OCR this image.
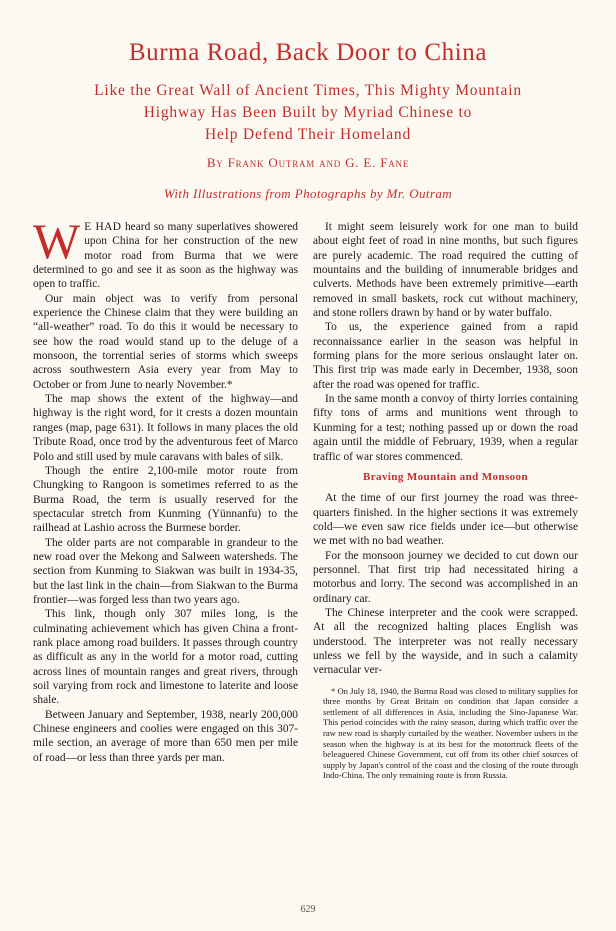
Burma Road, Back Door to China
Like the Great Wall of Ancient Times, This Mighty Mountain
Highway Has Been Built by Myriad Chinese to
Help Defend Their Homeland
By Frank Outram and G. E. Fane
With Illustrations from Photographs by Mr. Outram

WE HAD heard so many superlatives showered upon China for her construction of the new motor road from Burma that we were determined to go and see it as soon as the highway was open to traffic.

Our main object was to verify from personal experience the Chinese claim that they were building an “all-weather” road. To do this it would be necessary to see how the road would stand up to the deluge of a monsoon, the torrential series of storms which sweeps across southwestern Asia every year from May to October or from June to nearly November.*

The map shows the extent of the highway—and highway is the right word, for it crests a dozen mountain ranges (map, page 631). It follows in many places the old Tribute Road, once trod by the adventurous feet of Marco Polo and still used by mule caravans with bales of silk.

Though the entire 2,100-mile motor route from Chungking to Rangoon is sometimes referred to as the Burma Road, the term is usually reserved for the spectacular stretch from Kunming (Yünnanfu) to the railhead at Lashio across the Burmese border.

The older parts are not comparable in grandeur to the new road over the Mekong and Salween watersheds. The section from Kunming to Siakwan was built in 1934-35, but the last link in the chain—from Siakwan to the Burma frontier—was forged less than two years ago.

This link, though only 307 miles long, is the culminating achievement which has given China a front-rank place among road builders. It passes through country as difficult as any in the world for a motor road, cutting across lines of mountain ranges and great rivers, through soil varying from rock and limestone to laterite and loose shale.

Between January and September, 1938, nearly 200,000 Chinese engineers and coolies were engaged on this 307-mile section, an average of more than 650 men per mile of road—or less than three yards per man.

It might seem leisurely work for one man to build about eight feet of road in nine months, but such figures are purely academic. The road required the cutting of mountains and the building of innumerable bridges and culverts. Methods have been extremely primitive—earth removed in small baskets, rock cut without machinery, and stone rollers drawn by hand or by water buffalo.

To us, the experience gained from a rapid reconnaissance earlier in the season was helpful in forming plans for the more serious onslaught later on. This first trip was made early in December, 1938, soon after the road was opened for traffic.

In the same month a convoy of thirty lorries containing fifty tons of arms and munitions went through to Kunming for a test; nothing passed up or down the road again until the middle of February, 1939, when a regular traffic of war stores commenced.

Braving Mountain and Monsoon

At the time of our first journey the road was three-quarters finished. In the higher sections it was extremely cold—we even saw rice fields under ice—but otherwise we met with no bad weather.

For the monsoon journey we decided to cut down our personnel. That first trip had necessitated hiring a motorbus and lorry. The second was accomplished in an ordinary car.

The Chinese interpreter and the cook were scrapped. At all the recognized halting places English was understood. The interpreter was not really necessary unless we fell by the wayside, and in such a calamity vernacular ver-

* On July 18, 1940, the Burma Road was closed to military supplies for three months by Great Britain on condition that Japan consider a settlement of all differences in Asia, including the Sino-Japanese War. This period coincides with the rainy season, during which traffic over the raw new road is sharply curtailed by the weather. November ushers in the season when the highway is at its best for the motortruck fleets of the beleaguered Chinese Government, cut off from its other chief sources of supply by Japan's control of the coast and the closing of the route through Indo-China. The only remaining route is from Russia.
629
